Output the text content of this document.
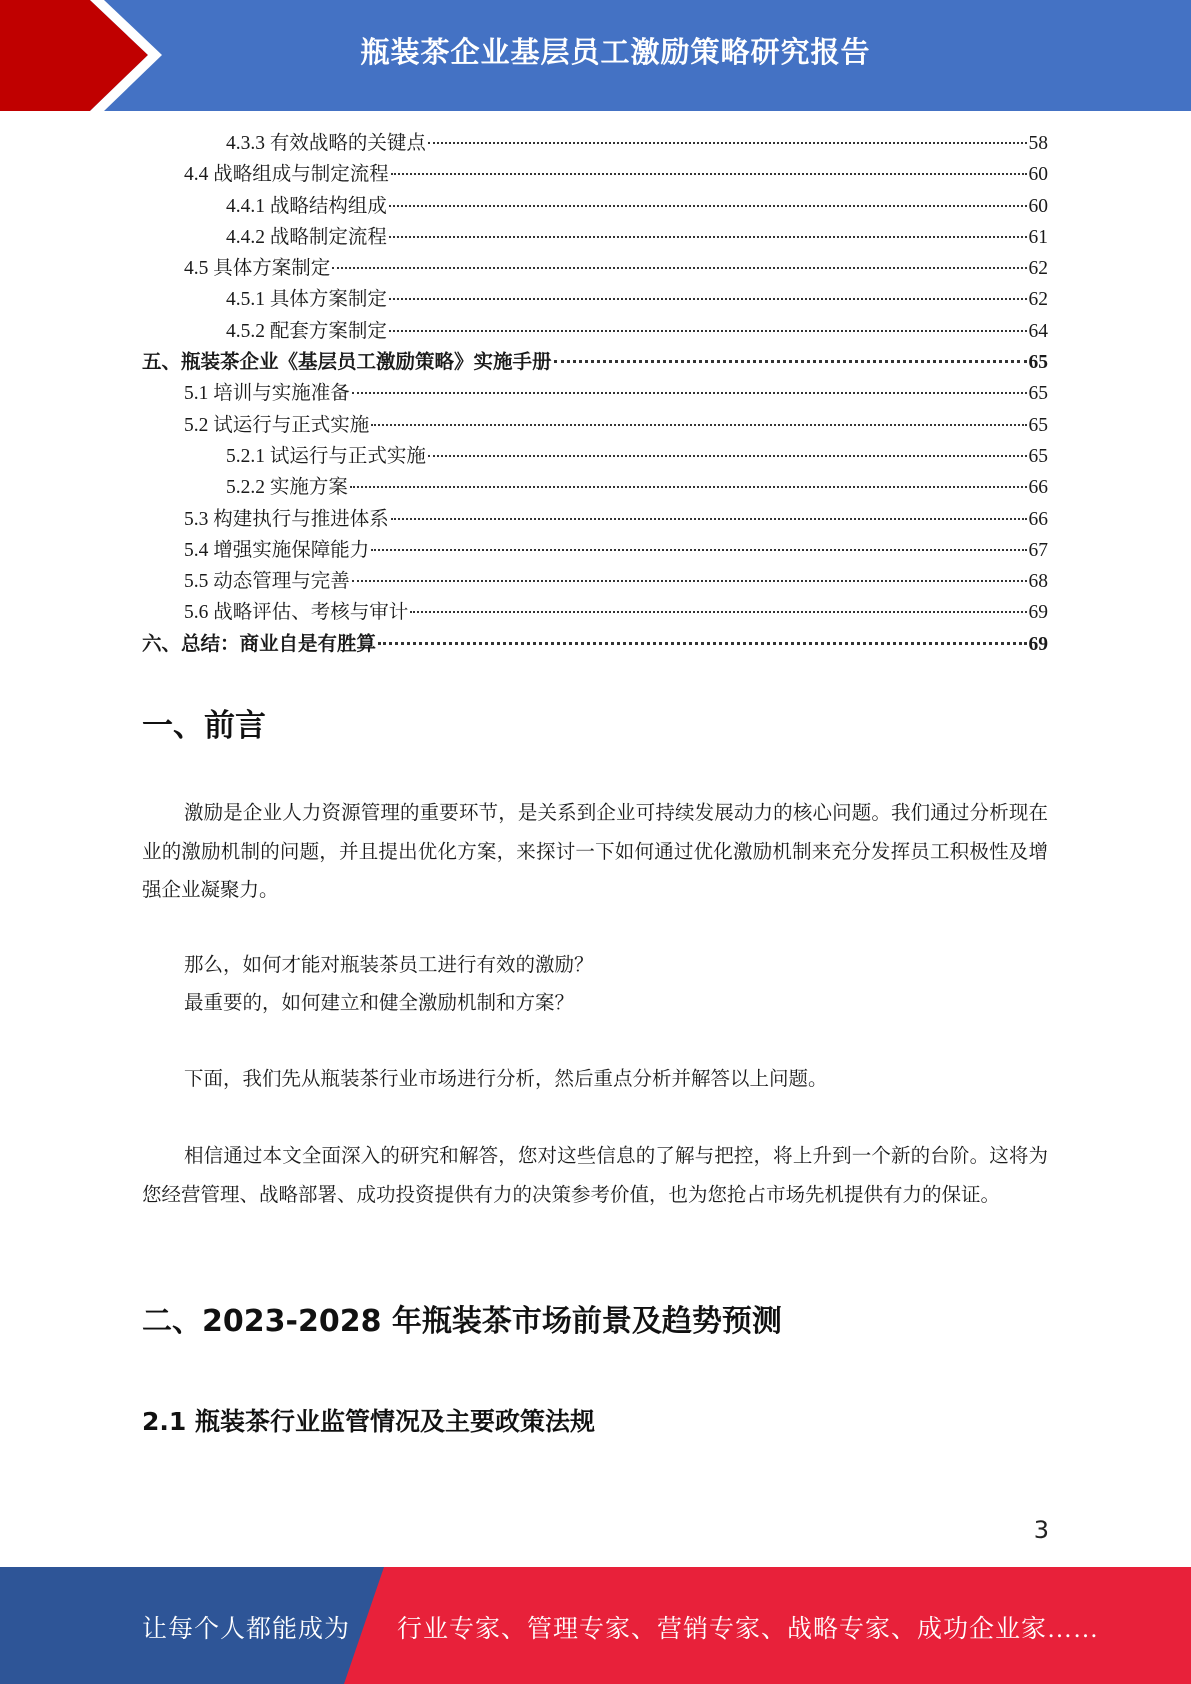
瓶装茶企业基层员工激励策略研究报告
4.3.3 有效战略的关键点	58
4.4 战略组成与制定流程	60
4.4.1 战略结构组成	60
4.4.2 战略制定流程	61
4.5 具体方案制定	62
4.5.1 具体方案制定	62
4.5.2 配套方案制定	64
五、瓶装茶企业《基层员工激励策略》实施手册	65
5.1 培训与实施准备	65
5.2 试运行与正式实施	65
5.2.1 试运行与正式实施	65
5.2.2 实施方案	66
5.3 构建执行与推进体系	66
5.4 增强实施保障能力	67
5.5 动态管理与完善	68
5.6 战略评估、考核与审计	69
六、总结：商业自是有胜算	69
一、前言
激励是企业人力资源管理的重要环节，是关系到企业可持续发展动力的核心问题。我们通过分析现在业的激励机制的问题，并且提出优化方案，来探讨一下如何通过优化激励机制来充分发挥员工积极性及增强企业凝聚力。
那么，如何才能对瓶装茶员工进行有效的激励？
最重要的，如何建立和健全激励机制和方案？
下面，我们先从瓶装茶行业市场进行分析，然后重点分析并解答以上问题。
相信通过本文全面深入的研究和解答，您对这些信息的了解与把控，将上升到一个新的台阶。这将为您经营管理、战略部署、成功投资提供有力的决策参考价值，也为您抢占市场先机提供有力的保证。
二、2023-2028 年瓶装茶市场前景及趋势预测
2.1 瓶装茶行业监管情况及主要政策法规
3
让每个人都能成为 行业专家、管理专家、营销专家、战略专家、成功企业家……
